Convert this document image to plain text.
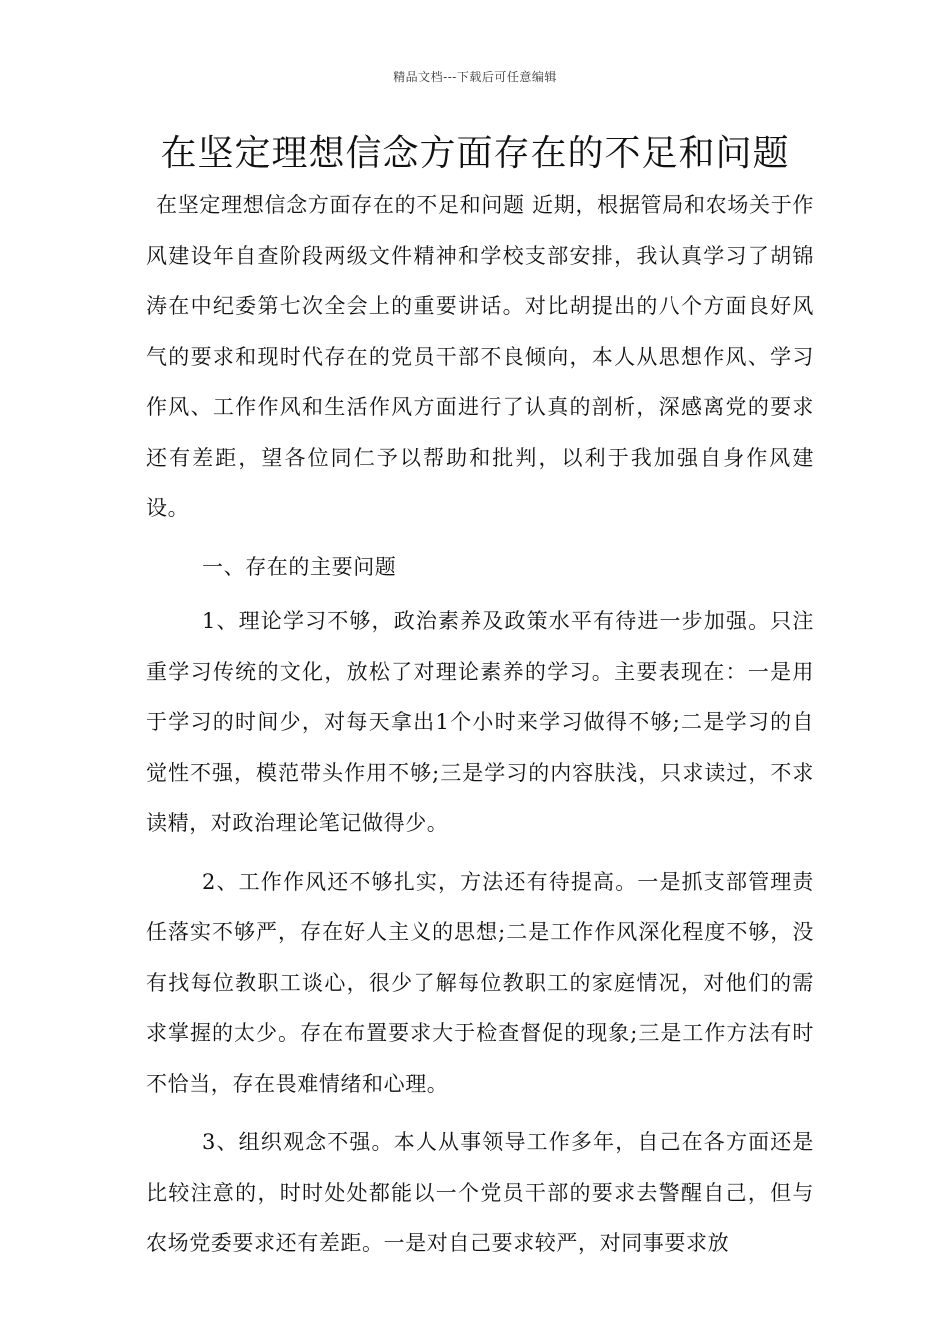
精品文档---下载后可任意编辑
在坚定理想信念方面存在的不足和问题

在坚定理想信念方面存在的不足和问题 近期，根据管局和农场关于作风建设年自查阶段两级文件精神和学校支部安排，我认真学习了胡锦涛在中纪委第七次全会上的重要讲话。对比胡提出的八个方面良好风气的要求和现时代存在的党员干部不良倾向，本人从思想作风、学习作风、工作作风和生活作风方面进行了认真的剖析，深感离党的要求还有差距，望各位同仁予以帮助和批判，以利于我加强自身作风建设。

一、存在的主要问题

1、理论学习不够，政治素养及政策水平有待进一步加强。只注重学习传统的文化，放松了对理论素养的学习。主要表现在：一是用于学习的时间少，对每天拿出1个小时来学习做得不够;二是学习的自觉性不强，模范带头作用不够;三是学习的内容肤浅，只求读过，不求读精，对政治理论笔记做得少。

2、工作作风还不够扎实，方法还有待提高。一是抓支部管理责任落实不够严，存在好人主义的思想;二是工作作风深化程度不够，没有找每位教职工谈心，很少了解每位教职工的家庭情况，对他们的需求掌握的太少。存在布置要求大于检查督促的现象;三是工作方法有时不恰当，存在畏难情绪和心理。

3、组织观念不强。本人从事领导工作多年，自己在各方面还是比较注意的，时时处处都能以一个党员干部的要求去警醒自己，但与农场党委要求还有差距。一是对自己要求较严，对同事要求放
